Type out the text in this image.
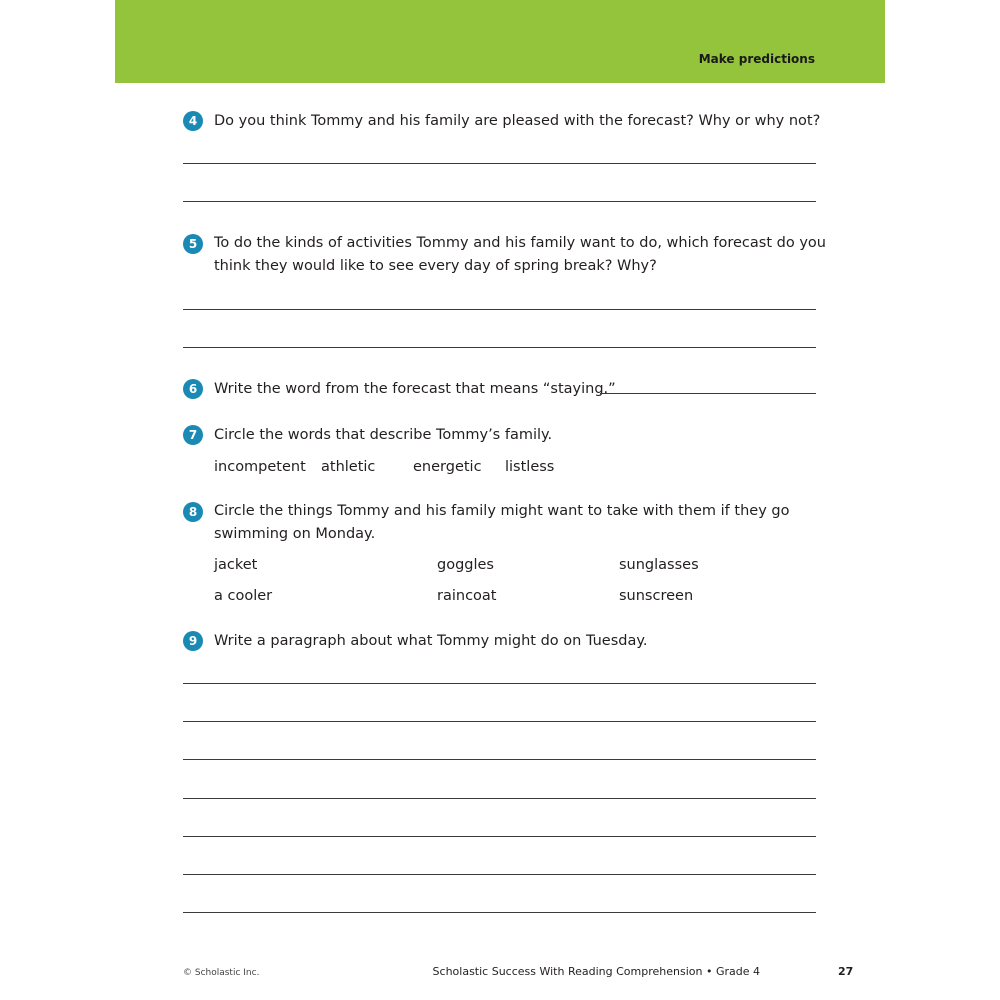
Make predictions
4	Do you think Tommy and his family are pleased with the forecast? Why or why not?
5	To do the kinds of activities Tommy and his family want to do, which forecast do you
think they would like to see every day of spring break? Why?
6	Write the word from the forecast that means “staying.”
7	Circle the words that describe Tommy’s family.
incompetent athletic	energetic listless
8	Circle the things Tommy and his family might want to take with them if they go
swimming on Monday.
jacket	goggles	sunglasses
a cooler	raincoat	sunscreen
9	Write a paragraph about what Tommy might do on Tuesday.
© Scholastic Inc.	Scholastic Success With Reading Comprehension • Grade 4	27
